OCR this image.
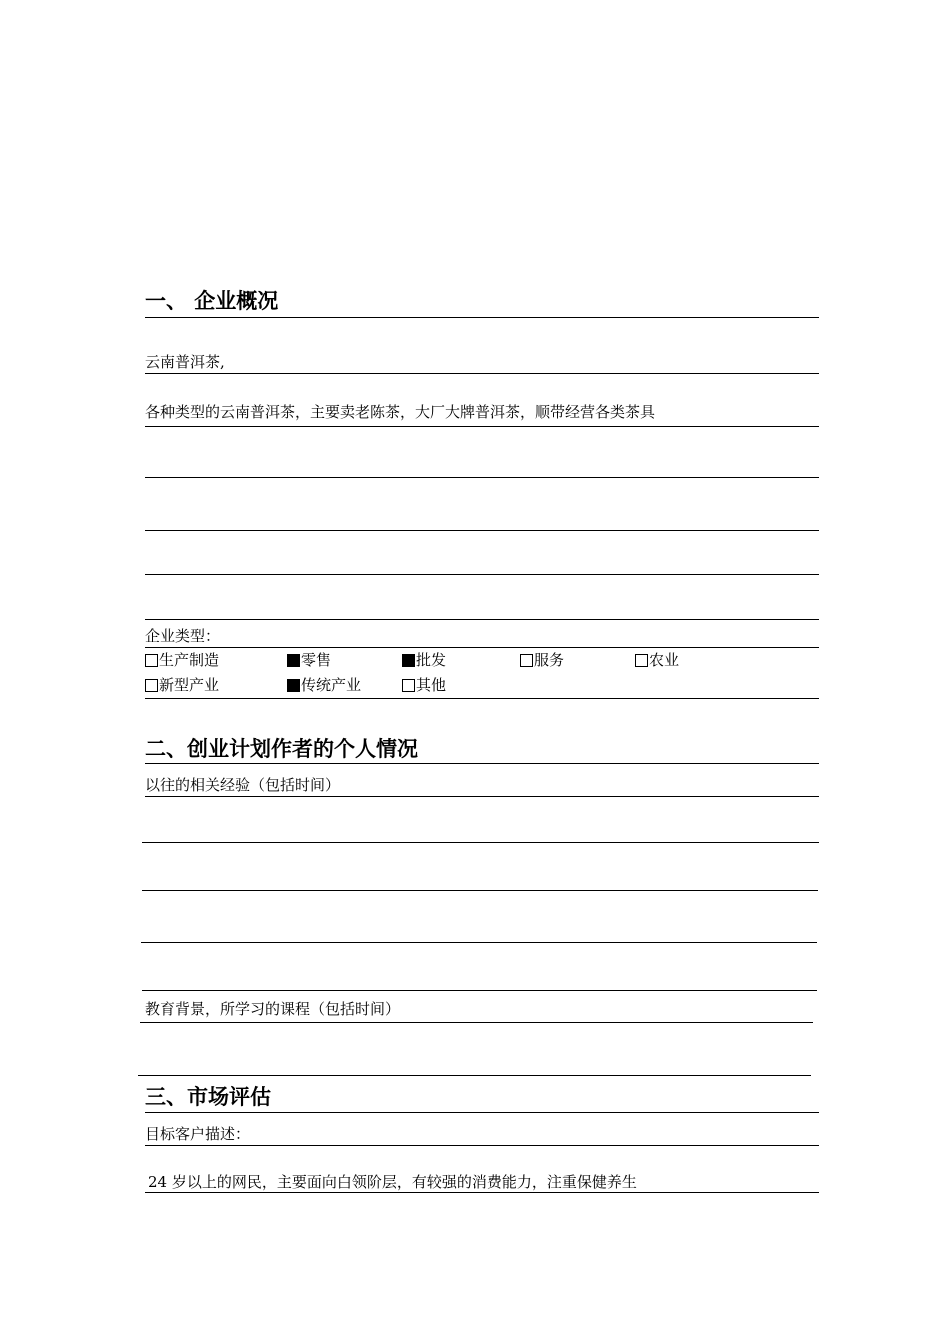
一、 企业概况
云南普洱茶,
各种类型的云南普洱茶，主要卖老陈茶，大厂大牌普洱茶，顺带经营各类茶具
企业类型：
生产制造	零售	批发	服务	农业
新型产业	传统产业	其他
二、创业计划作者的个人情况
以往的相关经验（包括时间）
教育背景，所学习的课程（包括时间）
三、市场评估
目标客户描述：
24 岁以上的网民，主要面向白领阶层，有较强的消费能力，注重保健养生
